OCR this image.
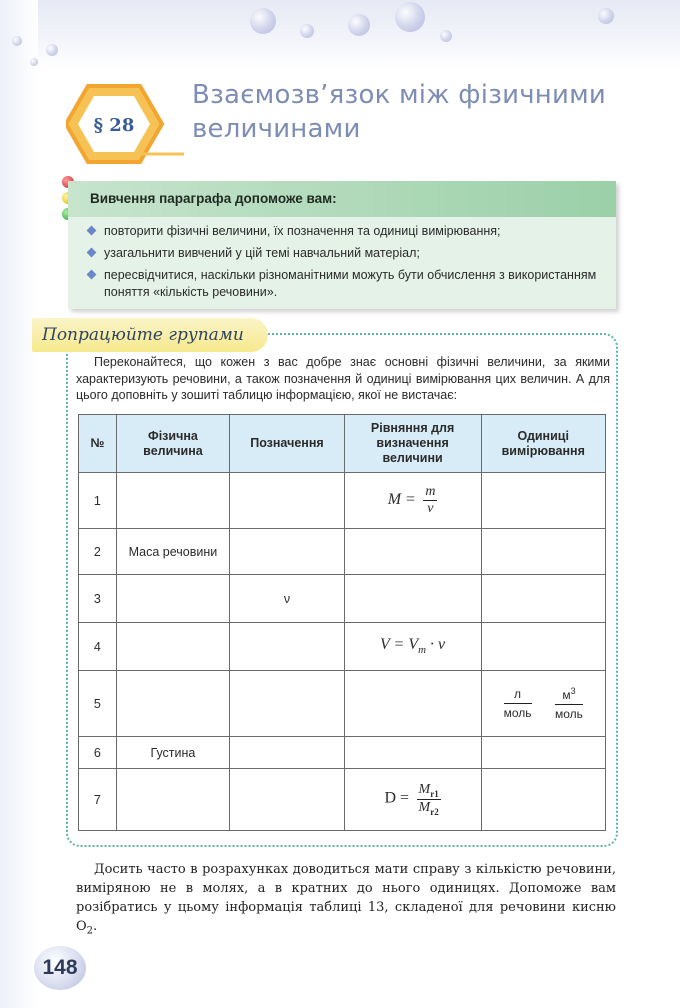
§ 28
Взаємозв’язок між фізичними
величинами
Вивчення параграфа допоможе вам:
повторити фізичні величини, їх позначення та одиниці вимірювання;
узагальнити вивчений у цій темі навчальний матеріал;
пересвідчитися, наскільки різноманітними можуть бути обчислення з використанням поняття «кількість речовини».
Попрацюйте групами
Переконайтеся, що кожен з вас добре знає основні фізичні величини, за якими характеризують речовини, а також позначення й одиниці вимірювання цих величин. А для цього доповніть у зошиті таблицю інформацією, якої не вистачає:
№	Фізична величина	Позначення	Рівняння для визначення величини	Одиниці вимірювання
1			$M = \frac{m}{\nu}$

2	Маса речовини			
3		ν		
4			$V = V_m \cdot \nu$	
5				$\frac{л}{\text{моль}}$
$\frac{м^3}{\text{моль}}$

6	Густина			
7			$D = \frac{M_{r1}}{M_{r2}}$

Досить часто в розрахунках доводиться мати справу з кількістю речовини, виміряною не в молях, а в кратних до нього одиницях. Допоможе вам розібратись у цьому інформація таблиці 13, складеної для речовини кисню $O_2$.
148
